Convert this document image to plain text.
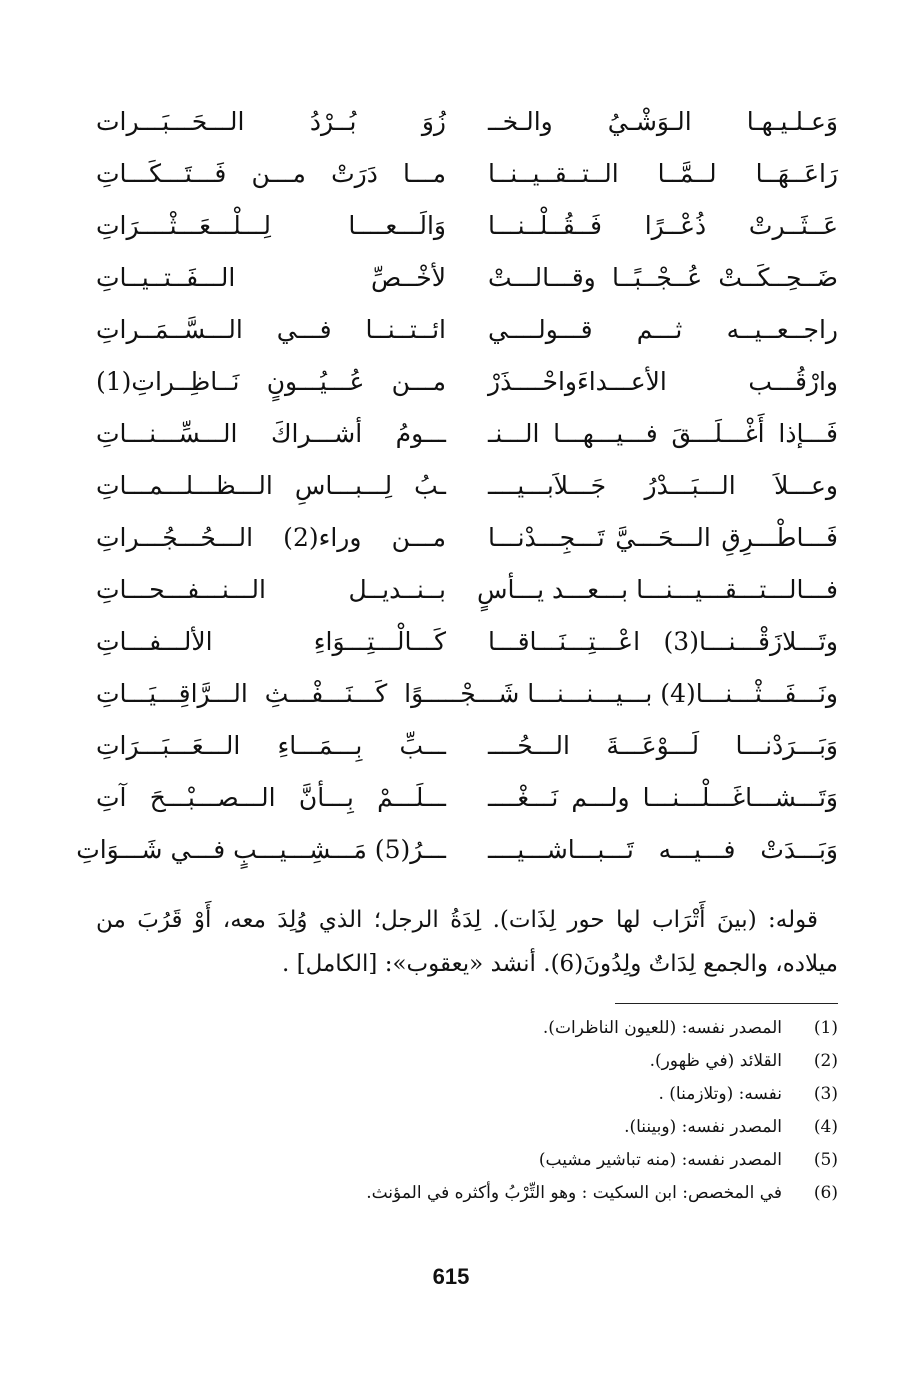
وَعـلـيـهـا الـوَشْـيُ والـخــ
زُوَ بُــرْدُ الـــحَـــبَـــرات
رَاعَــهَــا لــمَّــا الــتــقــيــنــا
مـــا دَرَتْ مـــن فَـــتَـــكَـــاتِ
عَــثَــرتْ ذُعْــرًا فَــقُــلْــنـــا
وَالَـــعــــا لِـــلْـــعَـــثْــــرَاتِ
ضَــحِــكَــتْ عُــجْــبًــا وقـــالـــتْ
لأخْــصِّ الـــفَــتــيــاتِ
راجــعــيــه ثـــم قـــولــــي
ائــتــنــا فـــي الـــسَّــمَــراتِ
وارْقُـــب الأعـــداءَواحْــــذَرْ
مـــن عُـــيُـــونٍ نَــاظِــراتِ(1)
فَـــإذا أَغْـــلَـــقَ فـــيـــهـــا الـــنـ
ـــومُ أشـــراكَ الـــسِّـــنـــاتِ
وعـــلاَ الـــبَـــدْرُ جَـــلاَبـــيــــ
ـبُ لِـــبـــاسِ الـــظـــلـــمـــاتِ
فَـــاطْـــرِقِ الـــحَـــيَّ تَـــجِـــدْنـــا
مـــن وراء(2) الـــحُـــجُـــراتِ
فـــالـــتـــقـــيـــنـــا بـــعـــد يـــأسٍ
بــنــديــل الـــنـــفـــحـــاتِ
وتَـــلازَقْـــنـــا(3) اعْـــتِـــنَـــاقـــا
كَـــالْـــتِـــوَاءِ الألـــفـــاتِ
ونَـــفَـــثْـــنـــا(4) بـــيـــنـــنـــا شَـــجْــ
ـــوًا كَـــنَـــفْـــثِ الـــرَّاقِـــيَـــاتِ
وَبَـــرَدْنـــا لَـــوْعَـــةَ الـــحُــــ
ـــبِّ بِـــمَـــاءِ الـــعَـــبَـــرَاتِ
وَتَـــشـــاغَـــلْـــنـــا ولـــم نَـــغْــــ
ـــلَـــمْ بِـــأنَّ الـــصـــبْـــحَ آتِ
وَبَـــدَتْ فـــيـــه تَـــبـــاشـــيــــ
ـــرُ(5) مَـــشِـــيـــبٍ فـــي شَـــوَاتِ

قوله: (بينَ أَتْرَاب لها حور لِذَات). لِدَةُ الرجل؛ الذي وُلِدَ معه، أَوْ قَرُبَ من ميلاده، والجمع لِدَاتٌ ولِدُونَ(6). أنشد «يعقوب»: [الكامل] .

(1)
المصدر نفسه: (للعيون الناظرات).
(2)
القلائد (في ظهور).
(3)
نفسه: (وتلازمنا) .
(4)
المصدر نفسه: (وبيننا).
(5)
المصدر نفسه: (منه تباشير مشيب)
(6)
في المخصص: ابن السكيت : وهو التِّرْبُ وأكثره في المؤنث.
615
